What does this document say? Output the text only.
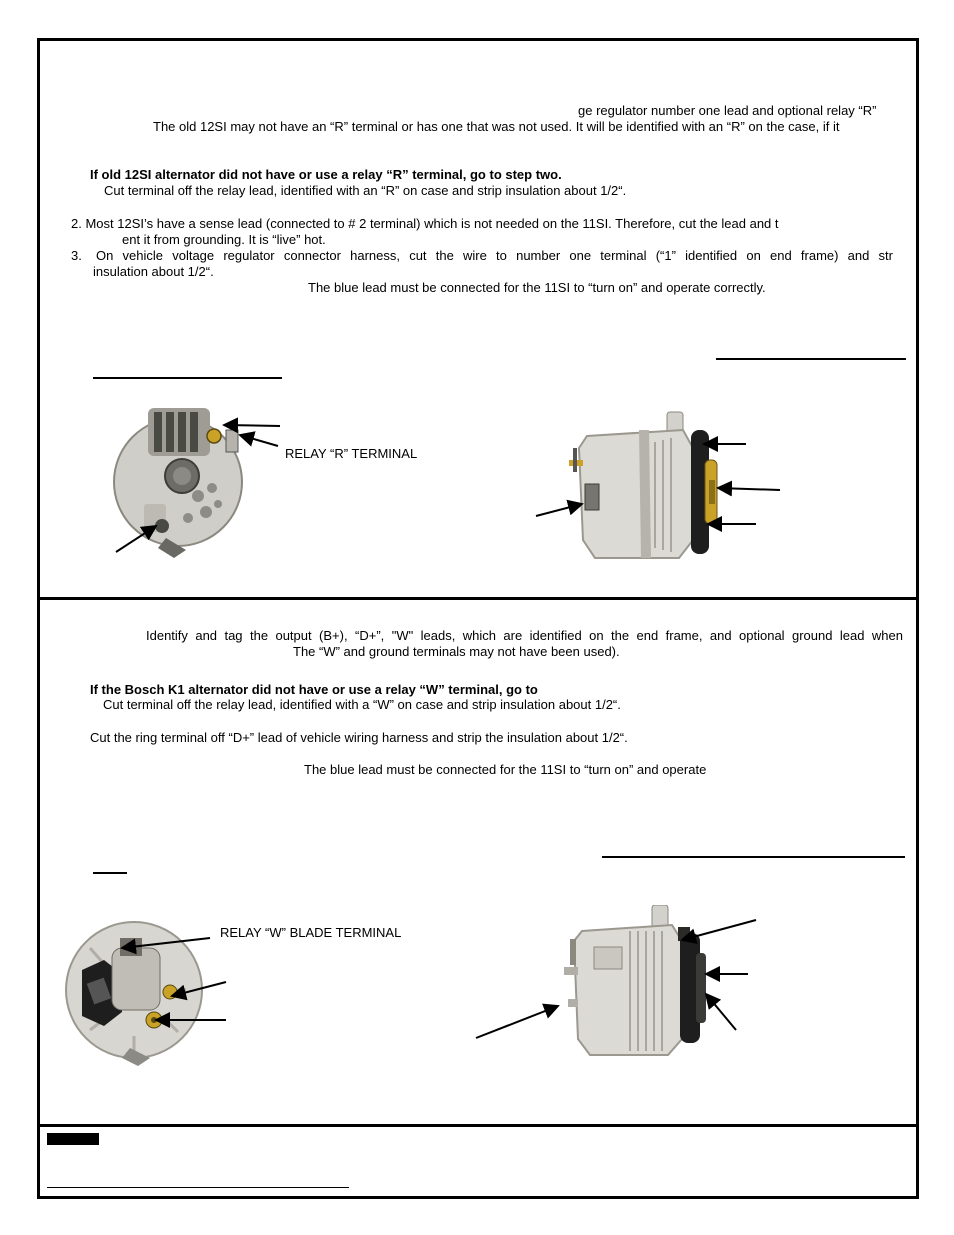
ge regulator number one lead and optional relay “R”
The old 12SI may not have an “R” terminal or has one that was not used. It will be identified with an “R” on the case, if it
If old 12SI alternator did not have or use a relay “R” terminal, go to step two.
Cut terminal off the relay lead, identified with an “R” on case and strip insulation about 1/2“.
2. Most 12SI’s have a sense lead (connected to # 2 terminal) which is not needed on the 11SI. Therefore, cut the lead and t
ent it from grounding. It is “live” hot.
3. On vehicle voltage regulator connector harness, cut the wire to number one terminal (“1” identified on end frame) and str
insulation about 1/2“.
The blue lead must be connected for the 11SI to “turn on” and operate correctly.
RELAY “R” TERMINAL
Identify and tag the output (B+), “D+”, "W" leads, which are identified on the end frame, and optional ground lead when
The “W” and ground terminals may not have been used).
If the Bosch K1 alternator did not have or use a relay “W” terminal, go to
Cut terminal off the relay lead, identified with a “W” on case and strip insulation about 1/2“.
Cut the ring terminal off “D+” lead of vehicle wiring harness and strip the insulation about 1/2“.
The blue lead must be connected for the 11SI to “turn on” and operate
RELAY “W” BLADE TERMINAL
